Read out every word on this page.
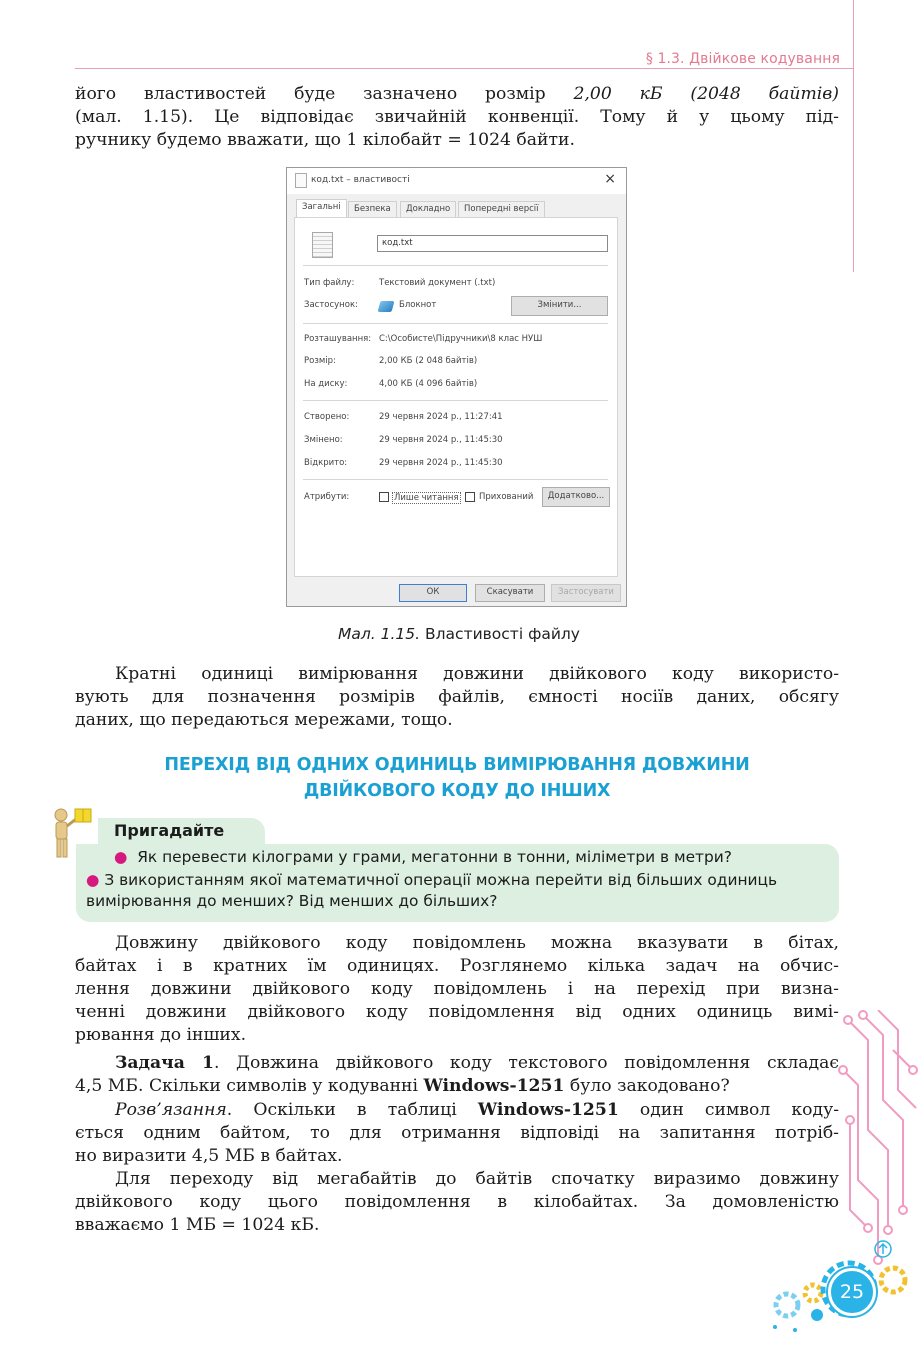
§ 1.3. Двійкове кодування
його властивостей буде зазначено розмір 2,00 кБ (2048 байтів)
(мал. 1.15). Це відповідає звичайній конвенції. Тому й у цьому під-
ручнику будемо вважати, що 1 кілобайт = 1024 байти.
код.txt – властивості	×
Загальні	Безпека	Докладно	Попередні версії
код.txt
Тип файлу:	Текстовий документ (.txt)
Застосунок:	Блокнот	Змінити...
Розташування: C:\Особисте\Підручники\8 клас НУШ
Розмір:	2,00 КБ (2 048 байтів)
На диску:	4,00 КБ (4 096 байтів)
Створено:	29 червня 2024 р., 11:27:41
Змінено:	29 червня 2024 р., 11:45:30
Відкрито:	29 червня 2024 р., 11:45:30
Атрибути:	Лише читання Прихований	Додатково...
ОК	Скасувати	Застосувати
Мал. 1.15. Властивості файлу
Кратні одиниці вимірювання довжини двійкового коду використо-
вують для позначення розмірів файлів, ємності носіїв даних, обсягу
даних, що передаються мережами, тощо.
ПЕРЕХІД ВІД ОДНИХ ОДИНИЦЬ ВИМІРЮВАННЯ ДОВЖИНИ
ДВІЙКОВОГО КОДУ ДО ІНШИХ
Пригадайте
● Як перевести кілограми у грами, мегатонни в тонни, міліметри в метри?
● З використанням якої математичної операції можна перейти від більших одиниць
вимірювання до менших? Від менших до більших?
Довжину двійкового коду повідомлень можна вказувати в бітах,
байтах і в кратних їм одиницях. Розглянемо кілька задач на обчис-
лення довжини двійкового коду повідомлень і на перехід при визна-
ченні довжини двійкового коду повідомлення від одних одиниць вимі-
рювання до інших.
Задача 1. Довжина двійкового коду текстового повідомлення складає
4,5 МБ. Скільки символів у кодуванні Windows-1251 було закодовано?
Розв’язання. Оскільки в таблиці Windows-1251 один символ коду-
ється одним байтом, то для отримання відповіді на запитання потріб-
но виразити 4,5 МБ в байтах.
Для переходу від мегабайтів до байтів спочатку виразимо довжину
двійкового коду цього повідомлення в кілобайтах. За домовленістю
вважаємо 1 МБ = 1024 кБ.
25
